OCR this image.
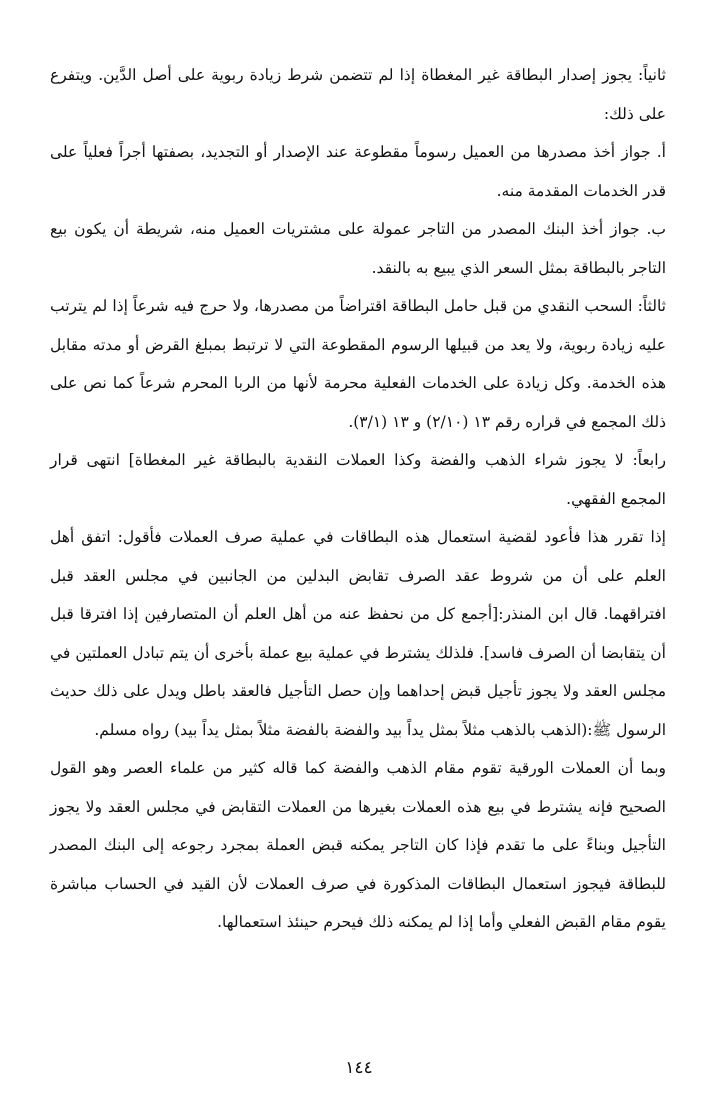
ثانياً: يجوز إصدار البطاقة غير المغطاة إذا لم تتضمن شرط زيادة ربوية على أصل الدَّين. ويتفرع على ذلك:

أ. جواز أخذ مصدرها من العميل رسوماً مقطوعة عند الإصدار أو التجديد، بصفتها أجراً فعلياً على قدر الخدمات المقدمة منه.

ب. جواز أخذ البنك المصدر من التاجر عمولة على مشتريات العميل منه، شريطة أن يكون بيع التاجر بالبطاقة بمثل السعر الذي يبيع به بالنقد.

ثالثاً: السحب النقدي من قبل حامل البطاقة اقتراضاً من مصدرها، ولا حرج فيه شرعاً إذا لم يترتب عليه زيادة ربوية، ولا يعد من قبيلها الرسوم المقطوعة التي لا ترتبط بمبلغ القرض أو مدته مقابل هذه الخدمة. وكل زيادة على الخدمات الفعلية محرمة لأنها من الربا المحرم شرعاً كما نص على ذلك المجمع في قراره رقم ١٣ (٢/١٠) و ١٣ (٣/١).

رابعاً: لا يجوز شراء الذهب والفضة وكذا العملات النقدية بالبطاقة غير المغطاة] انتهى قرار المجمع الفقهي.

إذا تقرر هذا فأعود لقضية استعمال هذه البطاقات في عملية صرف العملات فأقول: اتفق أهل العلم على أن من شروط عقد الصرف تقابض البدلين من الجانبين في مجلس العقد قبل افتراقهما. قال ابن المنذر:[أجمع كل من نحفظ عنه من أهل العلم أن المتصارفين إذا افترقا قبل أن يتقابضا أن الصرف فاسد]. فلذلك يشترط في عملية بيع عملة بأخرى أن يتم تبادل العملتين في مجلس العقد ولا يجوز تأجيل قبض إحداهما وإن حصل التأجيل فالعقد باطل ويدل على ذلك حديث الرسول ﷺ:(الذهب بالذهب مثلاً بمثل يداً بيد والفضة بالفضة مثلاً بمثل يداً بيد) رواه مسلم.

وبما أن العملات الورقية تقوم مقام الذهب والفضة كما قاله كثير من علماء العصر وهو القول الصحيح فإنه يشترط في بيع هذه العملات بغيرها من العملات التقابض في مجلس العقد ولا يجوز التأجيل وبناءً على ما تقدم فإذا كان التاجر يمكنه قبض العملة بمجرد رجوعه إلى البنك المصدر للبطاقة فيجوز استعمال البطاقات المذكورة في صرف العملات لأن القيد في الحساب مباشرة يقوم مقام القبض الفعلي وأما إذا لم يمكنه ذلك فيحرم حينئذ استعمالها.

١٤٤
